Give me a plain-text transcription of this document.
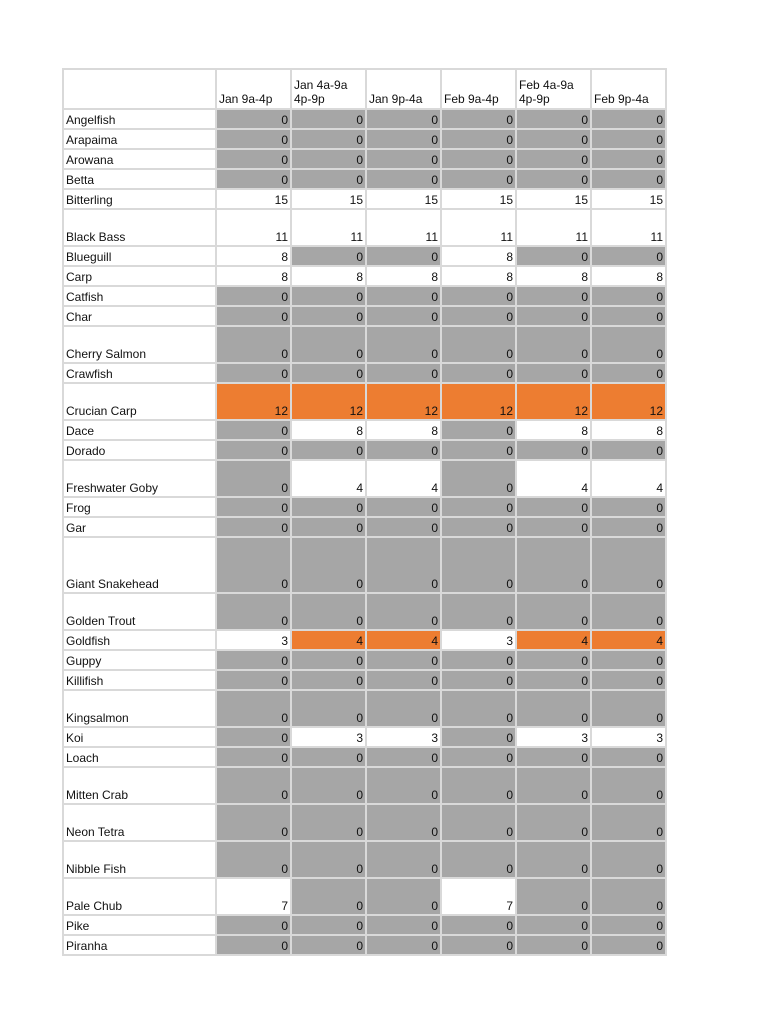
	Jan 9a-4p	Jan 4a-9a 4p-9p	Jan 9p-4a	Feb 9a-4p	Feb 4a-9a 4p-9p	Feb 9p-4a
Angelfish	0	0	0	0	0	0
Arapaima	0	0	0	0	0	0
Arowana	0	0	0	0	0	0
Betta	0	0	0	0	0	0
Bitterling	15	15	15	15	15	15
Black Bass	11	11	11	11	11	11
Blueguill	8	0	0	8	0	0
Carp	8	8	8	8	8	8
Catfish	0	0	0	0	0	0
Char	0	0	0	0	0	0
Cherry Salmon	0	0	0	0	0	0
Crawfish	0	0	0	0	0	0
Crucian Carp	12	12	12	12	12	12
Dace	0	8	8	0	8	8
Dorado	0	0	0	0	0	0
Freshwater Goby	0	4	4	0	4	4
Frog	0	0	0	0	0	0
Gar	0	0	0	0	0	0
Giant Snakehead	0	0	0	0	0	0
Golden Trout	0	0	0	0	0	0
Goldfish	3	4	4	3	4	4
Guppy	0	0	0	0	0	0
Killifish	0	0	0	0	0	0
Kingsalmon	0	0	0	0	0	0
Koi	0	3	3	0	3	3
Loach	0	0	0	0	0	0
Mitten Crab	0	0	0	0	0	0
Neon Tetra	0	0	0	0	0	0
Nibble Fish	0	0	0	0	0	0
Pale Chub	7	0	0	7	0	0
Pike	0	0	0	0	0	0
Piranha	0	0	0	0	0	0
